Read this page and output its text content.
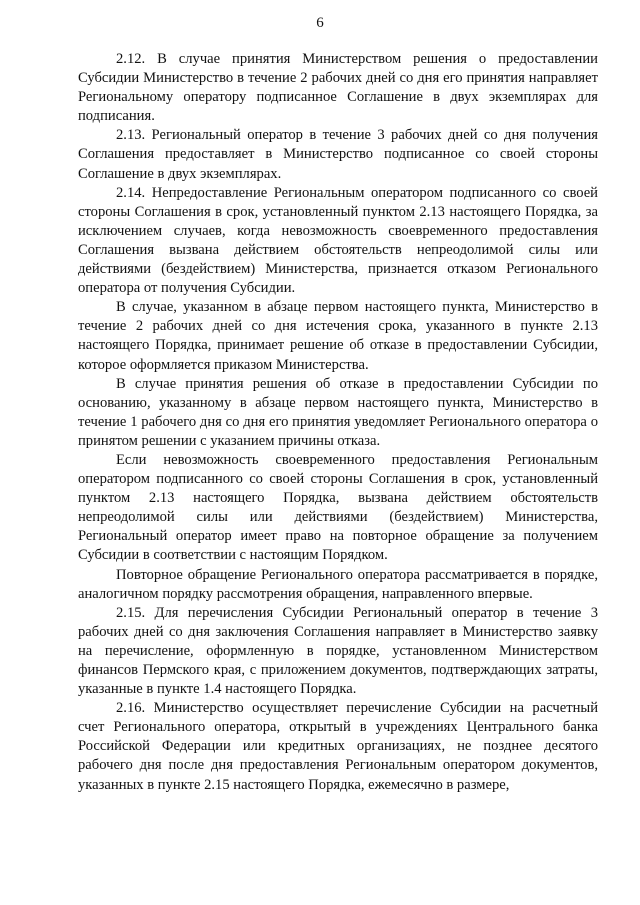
6

2.12. В случае принятия Министерством решения о предоставлении Субсидии Министерство в течение 2 рабочих дней со дня его принятия направляет Региональному оператору подписанное Соглашение в двух экземплярах для подписания.

2.13. Региональный оператор в течение 3 рабочих дней со дня получения Соглашения предоставляет в Министерство подписанное со своей стороны Соглашение в двух экземплярах.

2.14. Непредоставление Региональным оператором подписанного со своей стороны Соглашения в срок, установленный пунктом 2.13 настоящего Порядка, за исключением случаев, когда невозможность своевременного предоставления Соглашения вызвана действием обстоятельств непреодолимой силы или действиями (бездействием) Министерства, признается отказом Регионального оператора от получения Субсидии.

В случае, указанном в абзаце первом настоящего пункта, Министерство в течение 2 рабочих дней со дня истечения срока, указанного в пункте 2.13 настоящего Порядка, принимает решение об отказе в предоставлении Субсидии, которое оформляется приказом Министерства.

В случае принятия решения об отказе в предоставлении Субсидии по основанию, указанному в абзаце первом настоящего пункта, Министерство в течение 1 рабочего дня со дня его принятия уведомляет Регионального оператора о принятом решении с указанием причины отказа.

Если невозможность своевременного предоставления Региональным оператором подписанного со своей стороны Соглашения в срок, установленный пунктом 2.13 настоящего Порядка, вызвана действием обстоятельств непреодолимой силы или действиями (бездействием) Министерства, Региональный оператор имеет право на повторное обращение за получением Субсидии в соответствии с настоящим Порядком.

Повторное обращение Регионального оператора рассматривается в порядке, аналогичном порядку рассмотрения обращения, направленного впервые.

2.15. Для перечисления Субсидии Региональный оператор в течение 3 рабочих дней со дня заключения Соглашения направляет в Министерство заявку на перечисление, оформленную в порядке, установленном Министерством финансов Пермского края, с приложением документов, подтверждающих затраты, указанные в пункте 1.4 настоящего Порядка.

2.16. Министерство осуществляет перечисление Субсидии на расчетный счет Регионального оператора, открытый в учреждениях Центрального банка Российской Федерации или кредитных организациях, не позднее десятого рабочего дня после дня предоставления Региональным оператором документов, указанных в пункте 2.15 настоящего Порядка, ежемесячно в размере,
